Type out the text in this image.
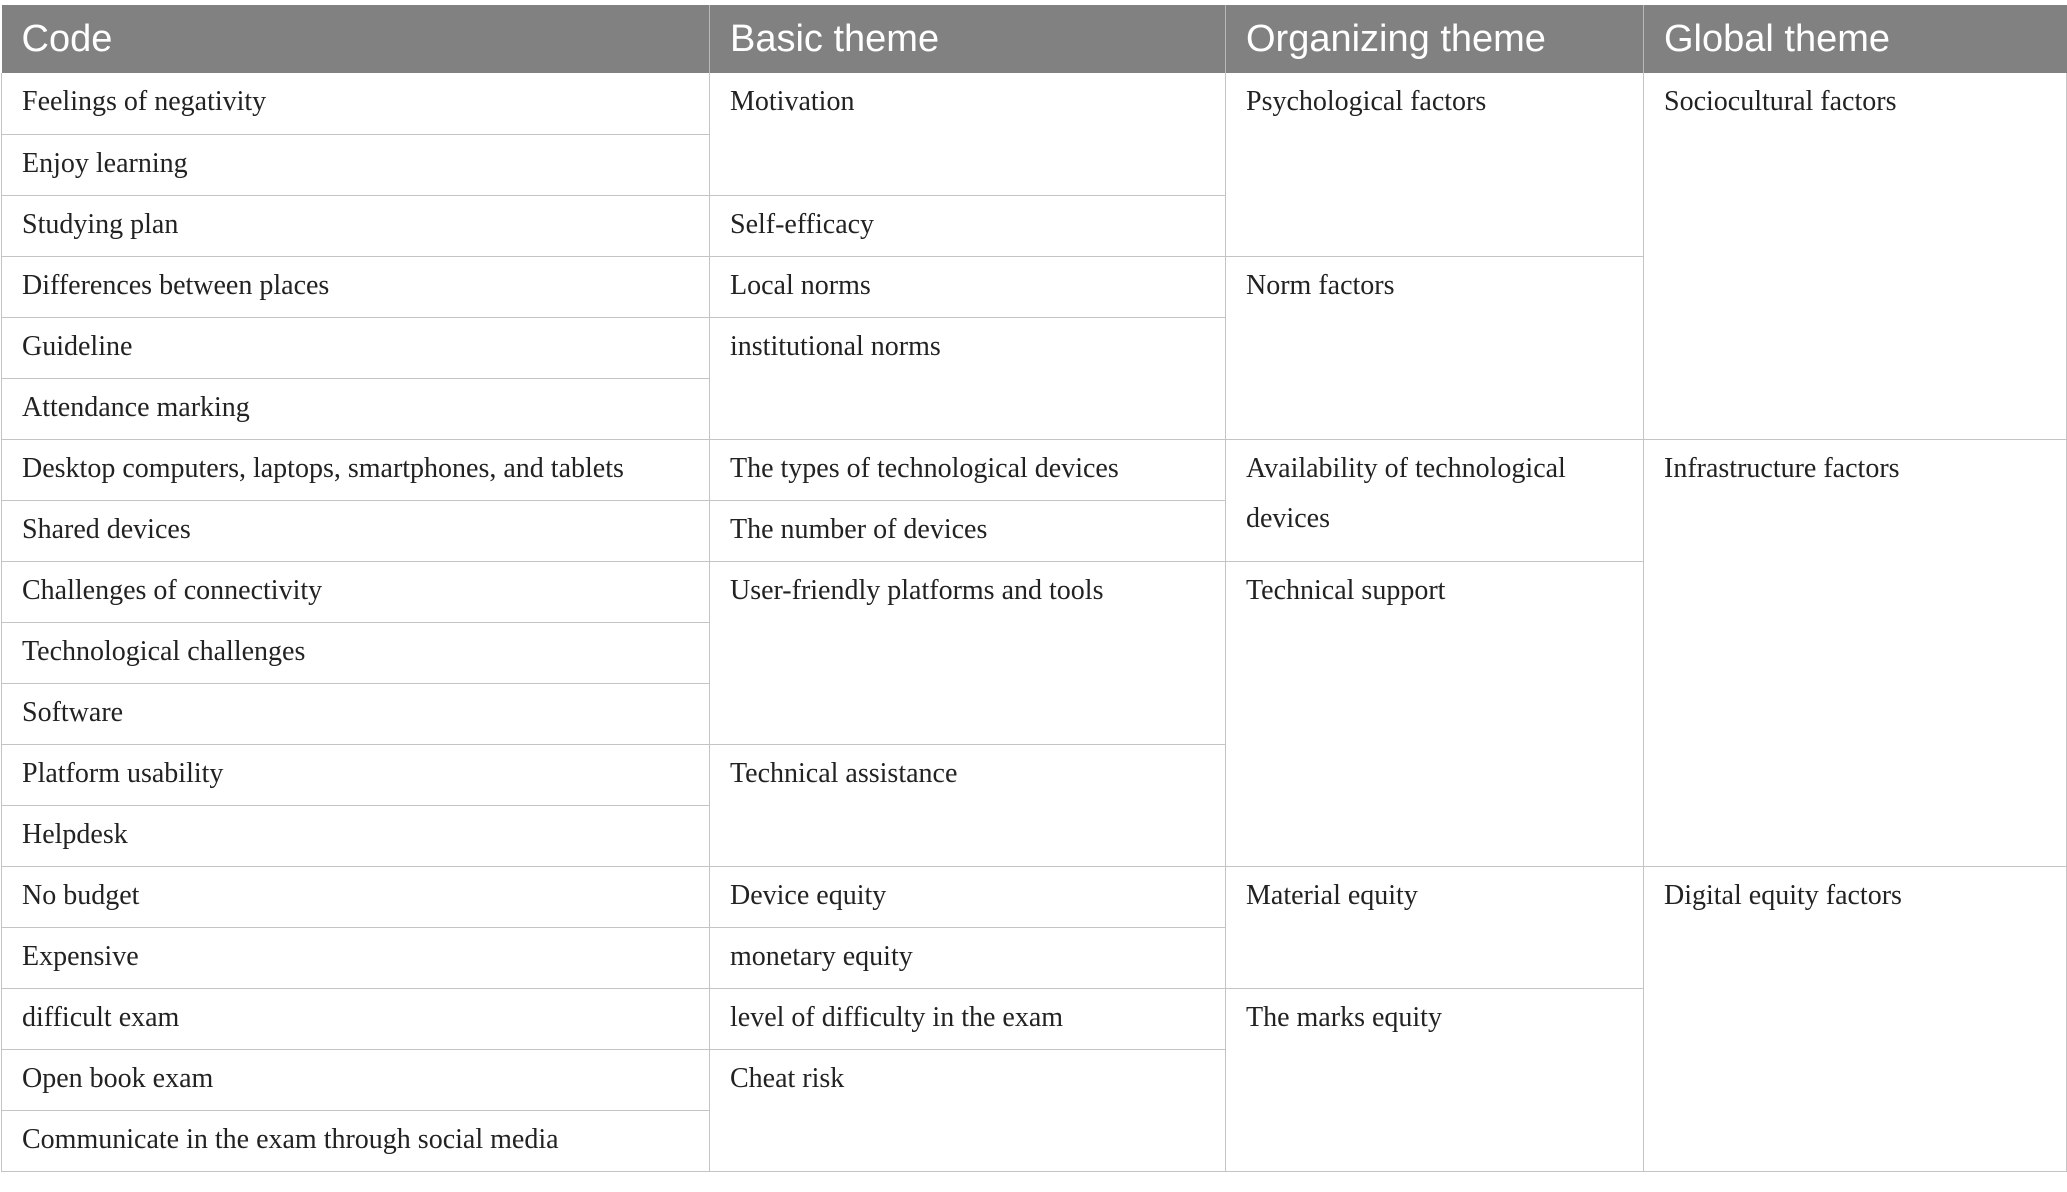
Code	Basic theme	Organizing theme	Global theme
Feelings of negativity	Motivation	Psychological factors	Sociocultural factors
Enjoy learning			
Studying plan	Self-efficacy		
Differences between places	Local norms	Norm factors	
Guideline	institutional norms		
Attendance marking			
Desktop computers, laptops, smartphones, and tablets	The types of technological devices	Availability of technological devices	Infrastructure factors
Shared devices	The number of devices		
Challenges of connectivity	User-friendly platforms and tools	Technical support	
Technological challenges			
Software			
Platform usability	Technical assistance		
Helpdesk			
No budget	Device equity	Material equity	Digital equity factors
Expensive	monetary equity		
difficult exam	level of difficulty in the exam	The marks equity	
Open book exam	Cheat risk		
Communicate in the exam through social media			
